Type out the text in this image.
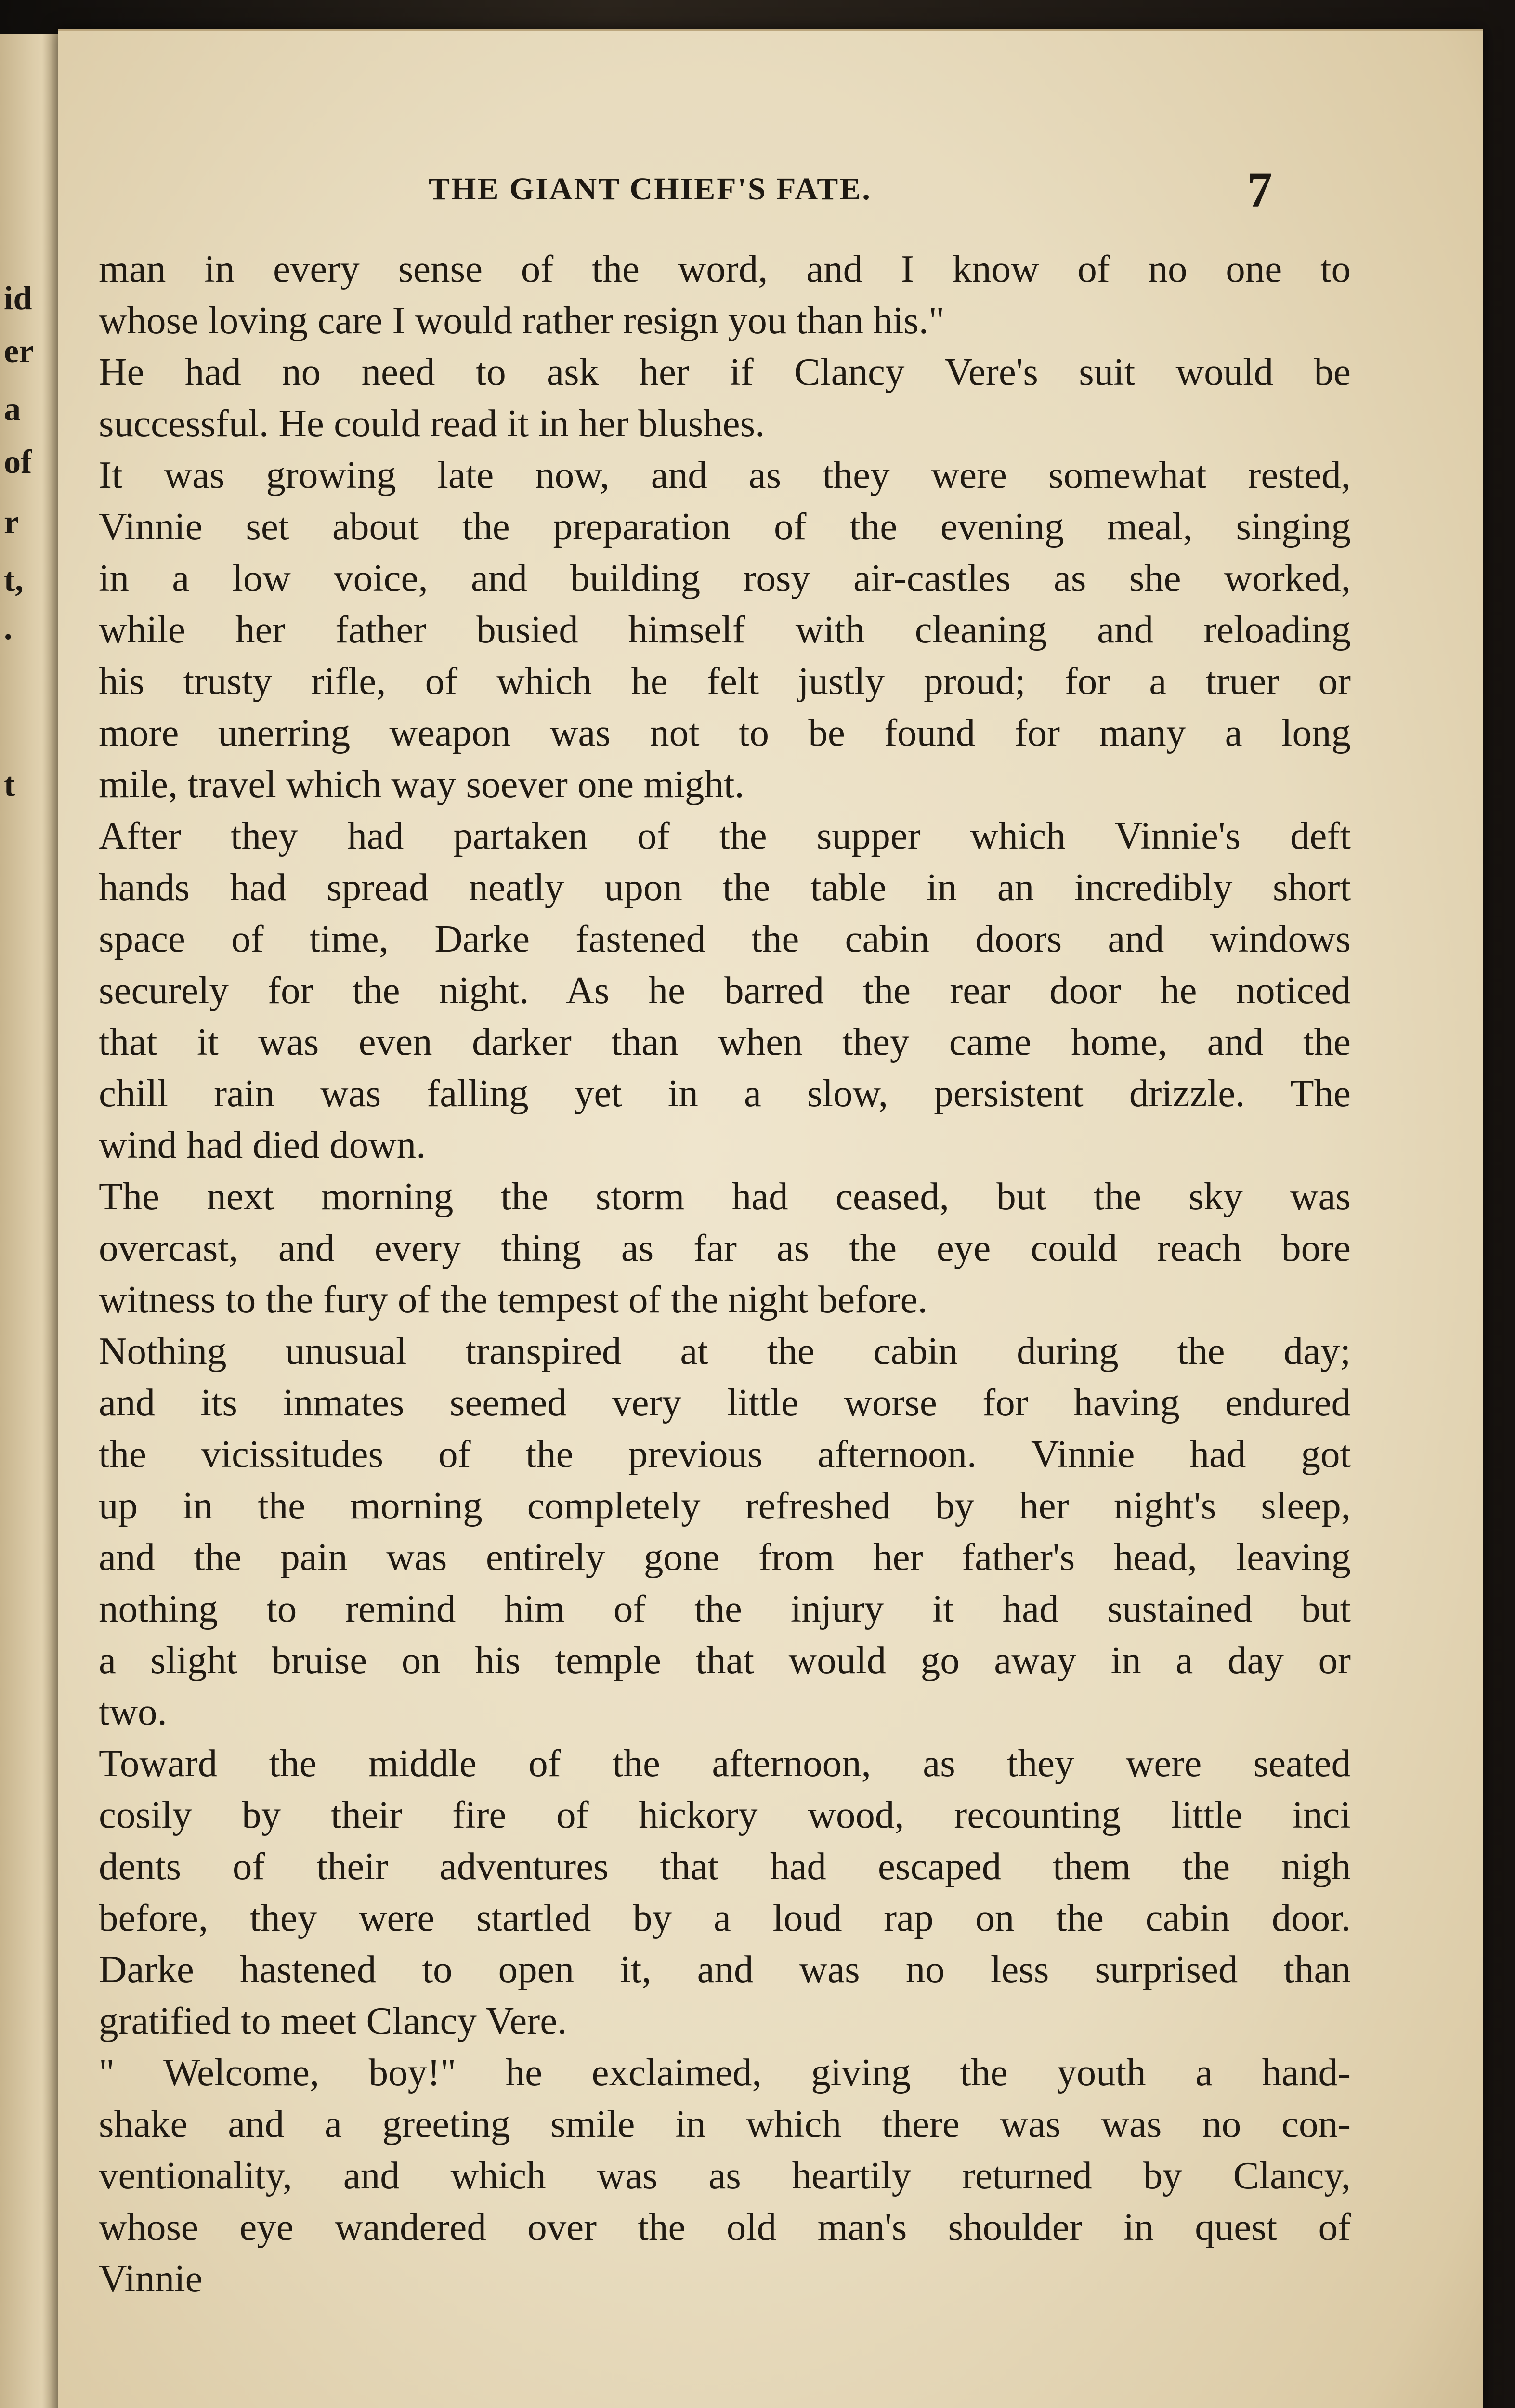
id
er
a
of
r
t,
.
t
THE GIANT CHIEF'S FATE.	7
man in every sense of the word, and I know of no one to
whose loving care I would rather resign you than his."
He had no need to ask her if Clancy Vere's suit would be
successful. He could read it in her blushes.
It was growing late now, and as they were somewhat rested,
Vinnie set about the preparation of the evening meal, singing
in a low voice, and building rosy air-castles as she worked,
while her father busied himself with cleaning and reloading
his trusty rifle, of which he felt justly proud; for a truer or
more unerring weapon was not to be found for many a long
mile, travel which way soever one might.
After they had partaken of the supper which Vinnie's deft
hands had spread neatly upon the table in an incredibly short
space of time, Darke fastened the cabin doors and windows
securely for the night. As he barred the rear door he noticed
that it was even darker than when they came home, and the
chill rain was falling yet in a slow, persistent drizzle. The
wind had died down.
The next morning the storm had ceased, but the sky was
overcast, and every thing as far as the eye could reach bore
witness to the fury of the tempest of the night before.
Nothing unusual transpired at the cabin during the day;
and its inmates seemed very little worse for having endured
the vicissitudes of the previous afternoon. Vinnie had got
up in the morning completely refreshed by her night's sleep,
and the pain was entirely gone from her father's head, leaving
nothing to remind him of the injury it had sustained but
a slight bruise on his temple that would go away in a day or
two.
Toward the middle of the afternoon, as they were seated
cosily by their fire of hickory wood, recounting little inci
dents of their adventures that had escaped them the nigh
before, they were startled by a loud rap on the cabin door.
Darke hastened to open it, and was no less surprised than
gratified to meet Clancy Vere.
" Welcome, boy!" he exclaimed, giving the youth a hand-
shake and a greeting smile in which there was was no con-
ventionality, and which was as heartily returned by Clancy,
whose eye wandered over the old man's shoulder in quest of
Vinnie
